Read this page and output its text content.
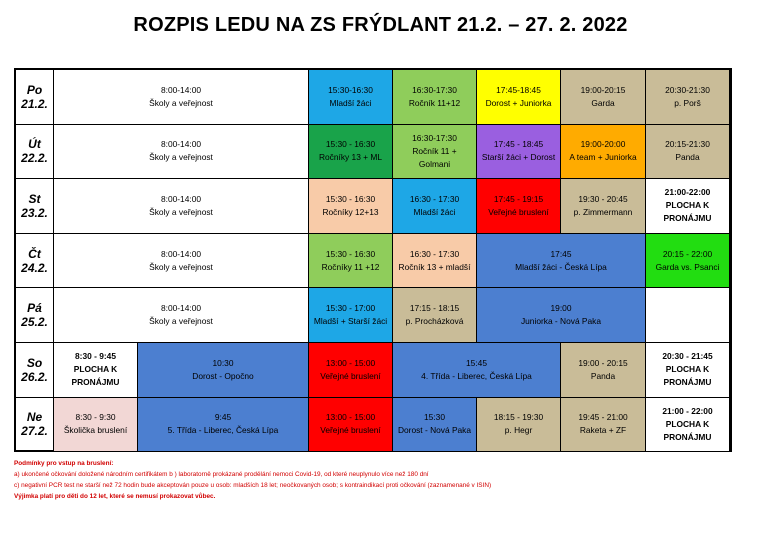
ROZPIS LEDU NA ZS FRÝDLANT 21.2. – 27. 2. 2022
Po
21.2.
8:00-14:00
Školy a veřejnost
15:30-16:30
Mladší žáci
16:30-17:30
Ročník 11+12
17:45-18:45
Dorost + Juniorka
19:00-20:15
Garda
20:30-21:30
p. Porš
Út
22.2.
8:00-14:00
Školy a veřejnost
15:30 - 16:30
Ročníky 13 + ML
16:30-17:30
Ročník 11 +
Golmani
17:45 - 18:45
Starší žáci + Dorost
19:00-20:00
A team + Juniorka
20:15-21:30
Panda
St
23.2.
8:00-14:00
Školy a veřejnost
15:30 - 16:30
Ročníky 12+13
16:30 - 17:30
Mladší žáci
17:45 - 19:15
Veřejné bruslení
19:30 - 20:45
p. Zimmermann
21:00-22:00
PLOCHA K
PRONÁJMU
Čt
24.2.
8:00-14:00
Školy a veřejnost
15:30 - 16:30
Ročníky 11 +12
16:30 - 17:30
Ročník 13 + mladší
17:45
Mladší žáci - Česká Lípa
20:15 - 22:00
Garda vs. Psanci
Pá
25.2.
8:00-14:00
Školy a veřejnost
15:30 - 17:00
Mladší + Starší žáci
17:15 - 18:15
p. Procházková
19:00
Juniorka - Nová Paka
So
26.2.
8:30 - 9:45
PLOCHA K
PRONÁJMU
10:30
Dorost - Opočno
13:00 - 15:00
Veřejné bruslení
15:45
4. Třída - Liberec, Česká Lípa
19:00 - 20:15
Panda
20:30 - 21:45
PLOCHA K
PRONÁJMU
Ne
27.2.
8:30 - 9:30
Školička bruslení
9:45
5. Třída - Liberec, Česká Lípa
13:00 - 15:00
Veřejné bruslení
15:30
Dorost - Nová Paka
18:15 - 19:30
p. Hegr
19:45 - 21:00
Raketa + ZF
21:00 - 22:00
PLOCHA K
PRONÁJMU
Podmínky pro vstup na bruslení:
a) ukončené očkování doložené národním certifikátem b ) laboratorně prokázané prodělání nemoci Covid-19, od které neuplynulo více než 180 dní
c) negativní PCR test ne starší než 72 hodin bude akceptován pouze u osob: mladších 18 let; neočkovaných osob; s kontraindikací proti očkování (zaznamenané v ISIN)
Výjimka platí pro děti do 12 let, které se nemusí prokazovat vůbec.
